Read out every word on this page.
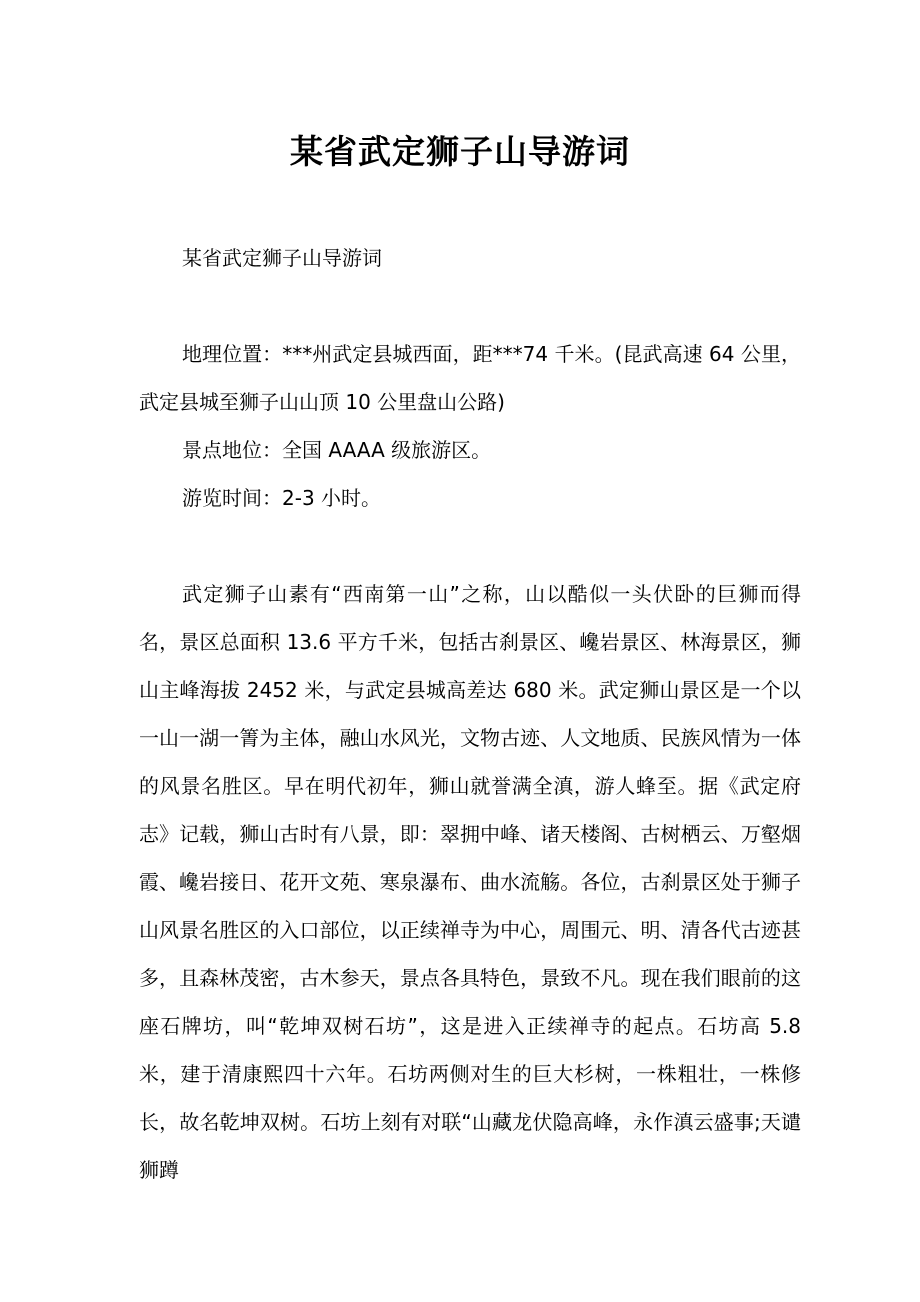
某省武定狮子山导游词

某省武定狮子山导游词

地理位置：***州武定县城西面，距***74 千米。(昆武高速 64 公里，武定县城至狮子山山顶 10 公里盘山公路)

景点地位：全国 AAAA 级旅游区。

游览时间：2-3 小时。

武定狮子山素有“西南第一山”之称，山以酷似一头伏卧的巨狮而得名，景区总面积 13.6 平方千米，包括古刹景区、巉岩景区、林海景区，狮山主峰海拔 2452 米，与武定县城高差达 680 米。武定狮山景区是一个以一山一湖一箐为主体，融山水风光，文物古迹、人文地质、民族风情为一体的风景名胜区。早在明代初年，狮山就誉满全滇，游人蜂至。据《武定府志》记载，狮山古时有八景，即：翠拥中峰、诸天楼阁、古树栖云、万壑烟霞、巉岩接日、花开文苑、寒泉瀑布、曲水流觞。各位，古刹景区处于狮子山风景名胜区的入口部位，以正续禅寺为中心，周围元、明、清各代古迹甚多，且森林茂密，古木参天，景点各具特色，景致不凡。现在我们眼前的这座石牌坊，叫“乾坤双树石坊”，这是进入正续禅寺的起点。石坊高 5.8 米，建于清康熙四十六年。石坊两侧对生的巨大杉树，一株粗壮，一株修长，故名乾坤双树。石坊上刻有对联“山藏龙伏隐高峰，永作滇云盛事;天谴狮蹲
